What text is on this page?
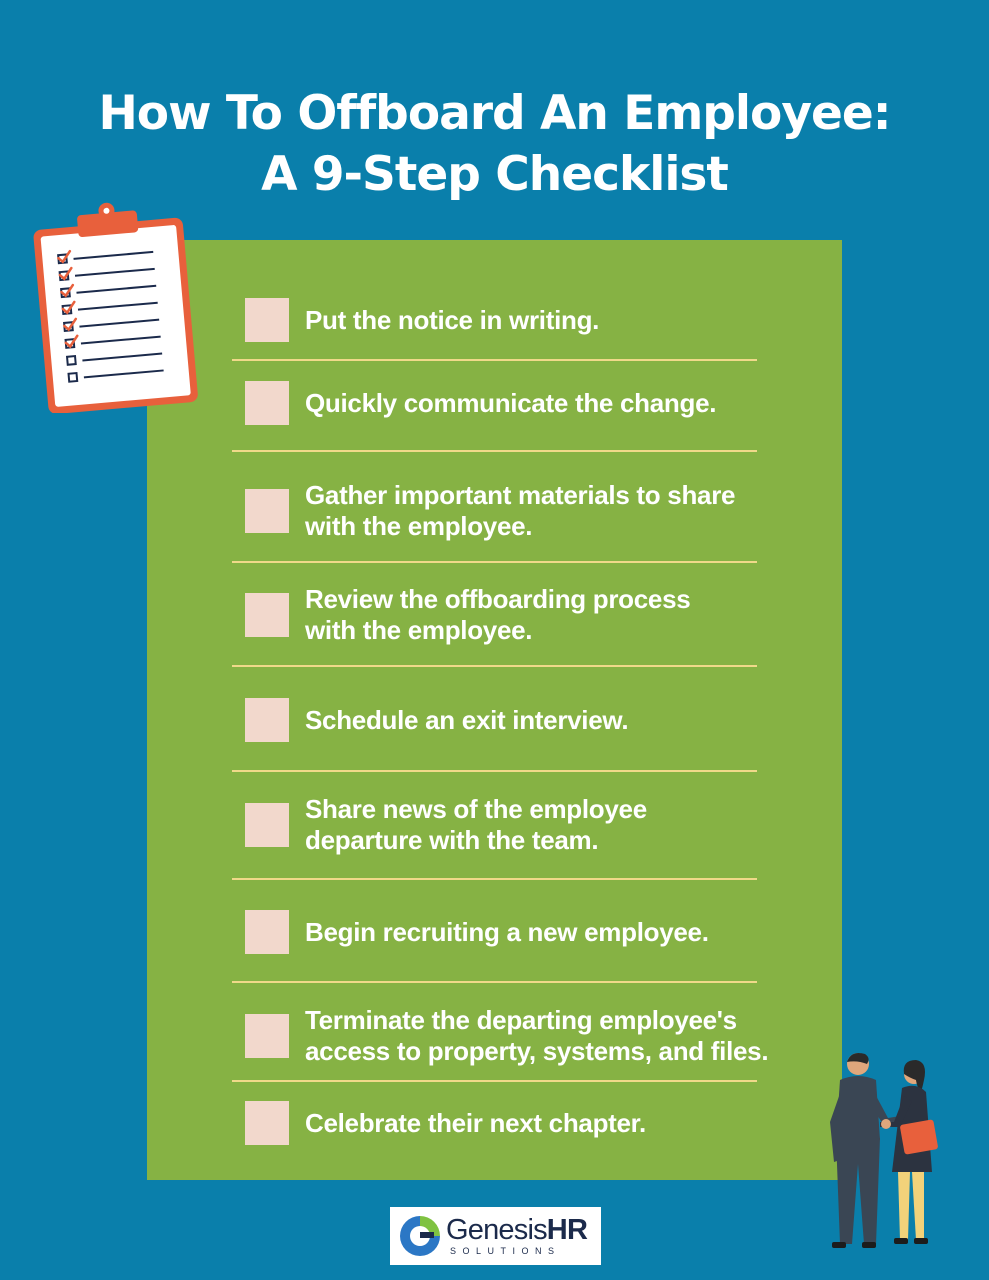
How To Offboard An Employee:
A 9-Step Checklist
Put the notice in writing.
Quickly communicate the change.
Gather important materials to share
with the employee.
Review the offboarding process
with the employee.
Schedule an exit interview.
Share news of the employee
departure with the team.
Begin recruiting a new employee.
Terminate the departing employee's
access to property, systems, and files.
Celebrate their next chapter.
GenesisHR
SOLUTIONS
